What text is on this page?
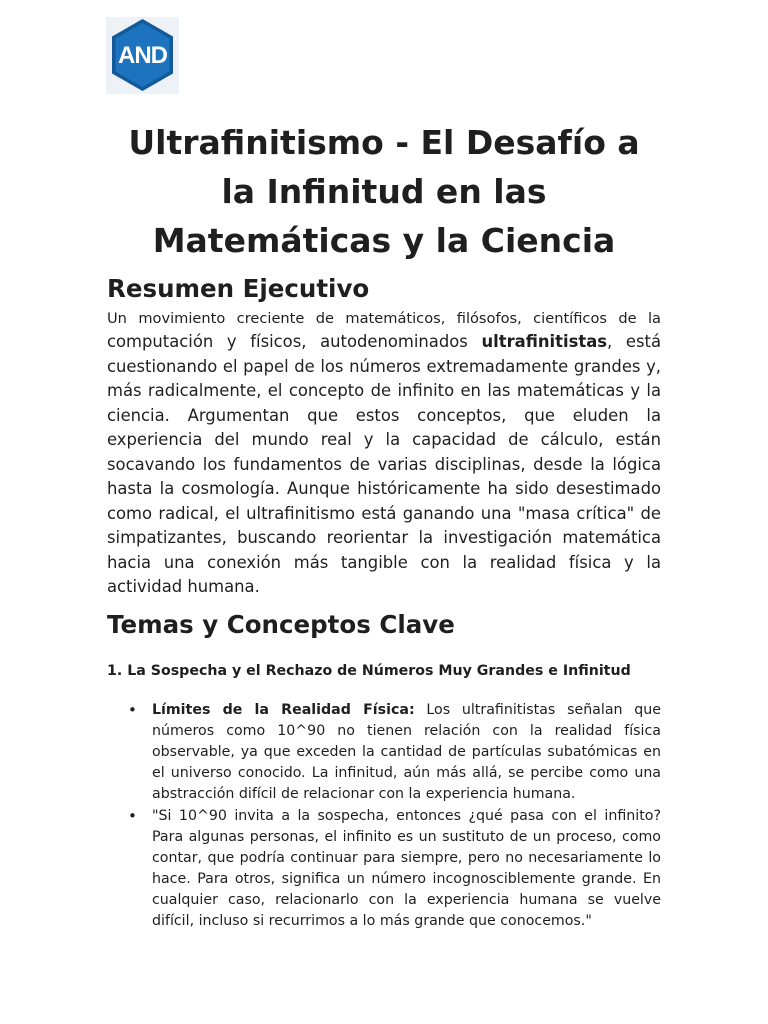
AND
Ultrafinitismo - El Desafío a la Infinitud en las Matemáticas y la Ciencia
Resumen Ejecutivo

Un movimiento creciente de matemáticos, filósofos, científicos de la

computación y físicos, autodenominados ultrafinitistas, está cuestionando el papel de los números extremadamente grandes y, más radicalmente, el concepto de infinito en las matemáticas y la ciencia. Argumentan que estos conceptos, que eluden la experiencia del mundo real y la capacidad de cálculo, están socavando los fundamentos de varias disciplinas, desde la lógica hasta la cosmología. Aunque históricamente ha sido desestimado como radical, el ultrafinitismo está ganando una "masa crítica" de simpatizantes, buscando reorientar la investigación matemática hacia una conexión más tangible con la realidad física y la actividad humana.

Temas y Conceptos Clave
1. La Sospecha y el Rechazo de Números Muy Grandes e Infinitud
• Límites de la Realidad Física: Los ultrafinitistas señalan que números como 10^90 no tienen relación con la realidad física observable, ya que exceden la cantidad de partículas subatómicas en el universo conocido. La infinitud, aún más allá, se percibe como una abstracción difícil de relacionar con la experiencia humana.
• "Si 10^90 invita a la sospecha, entonces ¿qué pasa con el infinito? Para algunas personas, el infinito es un sustituto de un proceso, como contar, que podría continuar para siempre, pero no necesariamente lo hace. Para otros, significa un número incognosciblemente grande. En cualquier caso, relacionarlo con la experiencia humana se vuelve difícil, incluso si recurrimos a lo más grande que conocemos."
